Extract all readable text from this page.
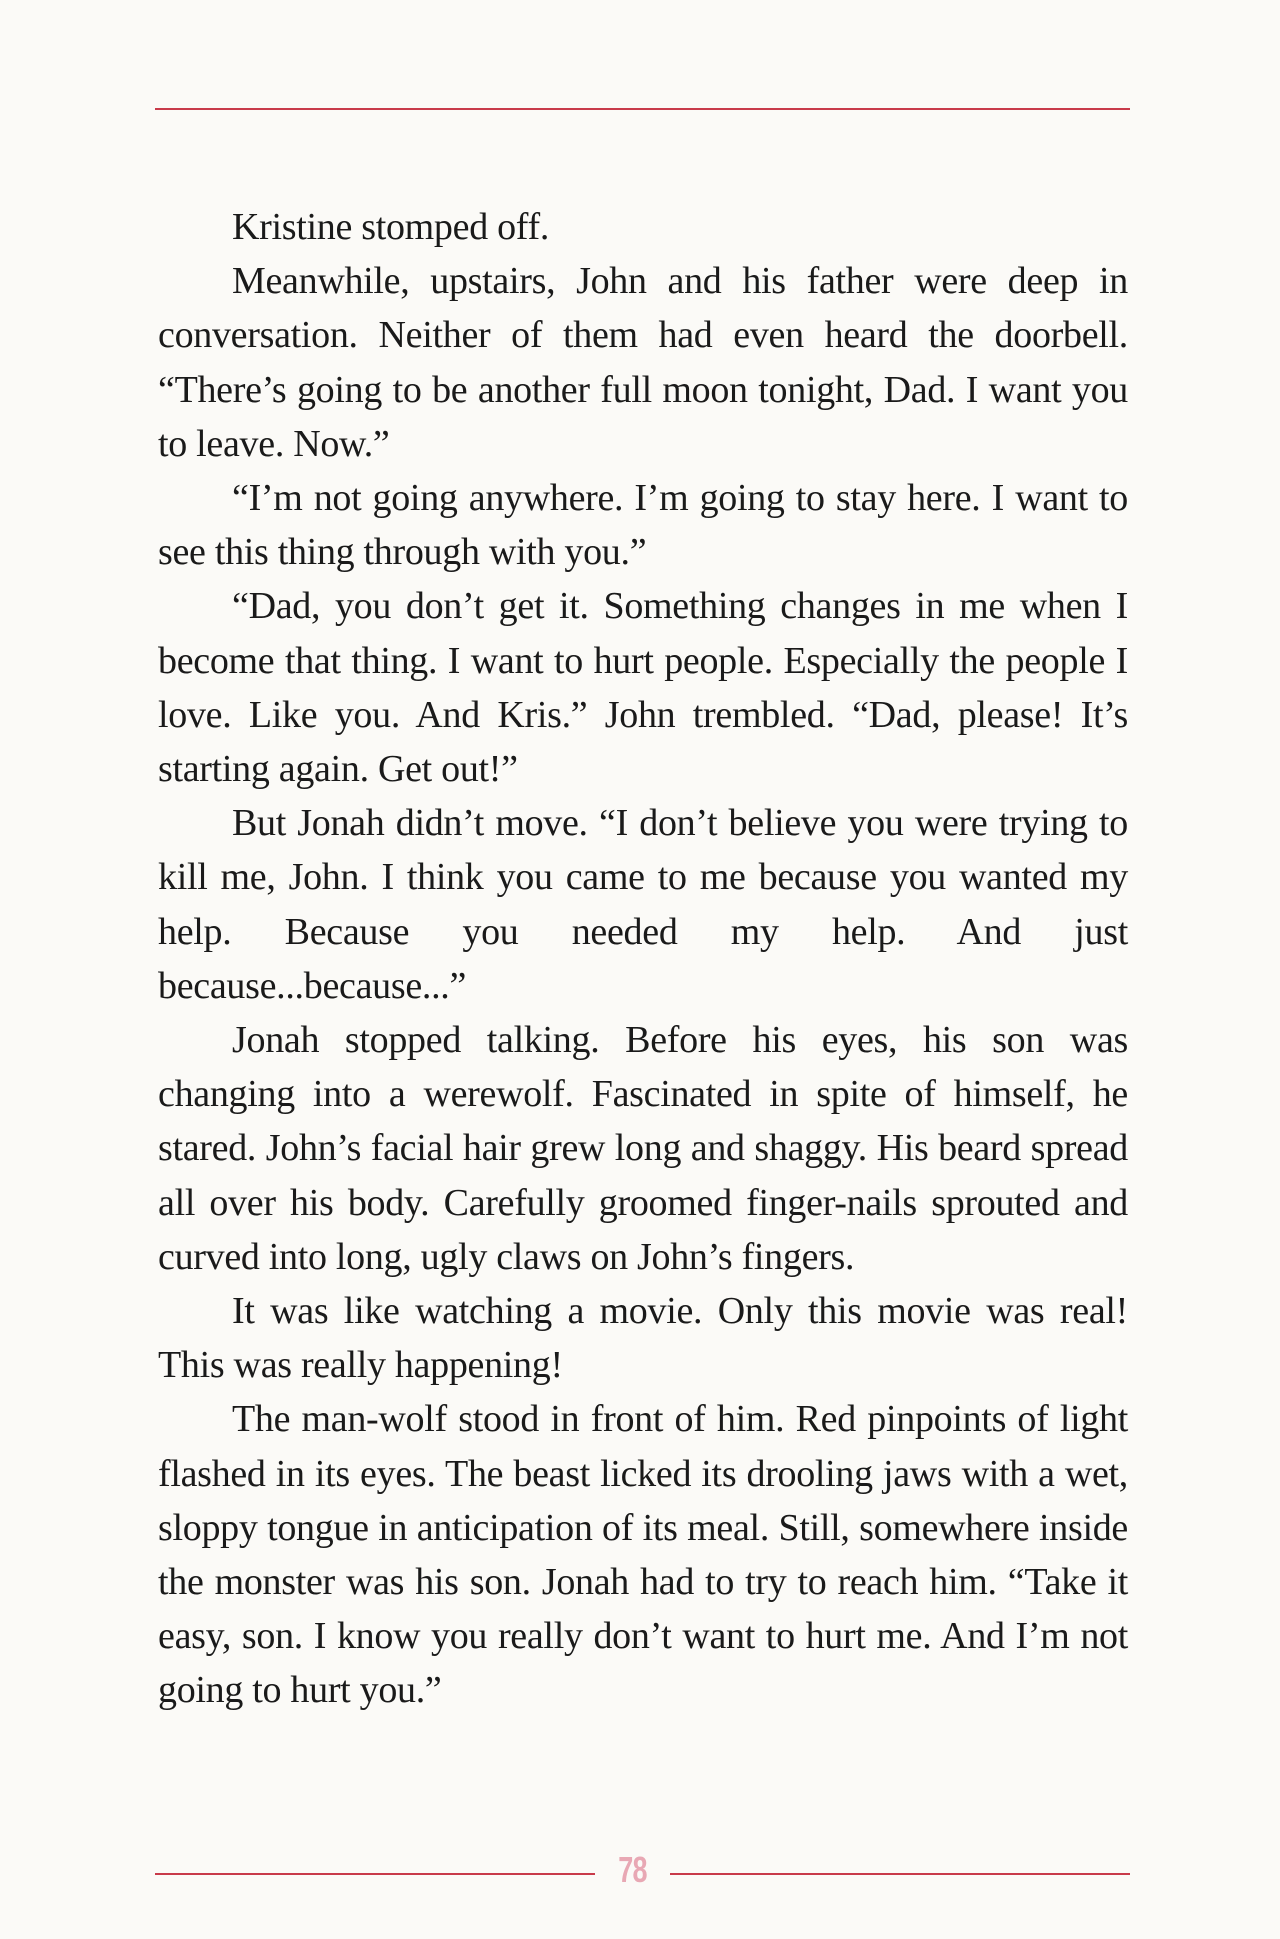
Kristine stomped off.

Meanwhile, upstairs, John and his father were deep in conversation. Neither of them had even heard the doorbell. “There’s going to be another full moon tonight, Dad. I want you to leave. Now.”

“I’m not going anywhere. I’m going to stay here. I want to see this thing through with you.”

“Dad, you don’t get it. Something changes in me when I become that thing. I want to hurt people. Especially the people I love. Like you. And Kris.” John trembled. “Dad, please! It’s starting again. Get out!”

But Jonah didn’t move. “I don’t believe you were trying to kill me, John. I think you came to me because you wanted my help. Because you needed my help. And just because...because...”

Jonah stopped talking. Before his eyes, his son was changing into a werewolf. Fascinated in spite of himself, he stared. John’s facial hair grew long and shaggy. His beard spread all over his body. Carefully groomed finger-nails sprouted and curved into long, ugly claws on John’s fingers.

It was like watching a movie. Only this movie was real! This was really happening!

The man-wolf stood in front of him. Red pinpoints of light flashed in its eyes. The beast licked its drooling jaws with a wet, sloppy tongue in anticipation of its meal. Still, somewhere inside the monster was his son. Jonah had to try to reach him. “Take it easy, son. I know you really don’t want to hurt me. And I’m not going to hurt you.”

78
